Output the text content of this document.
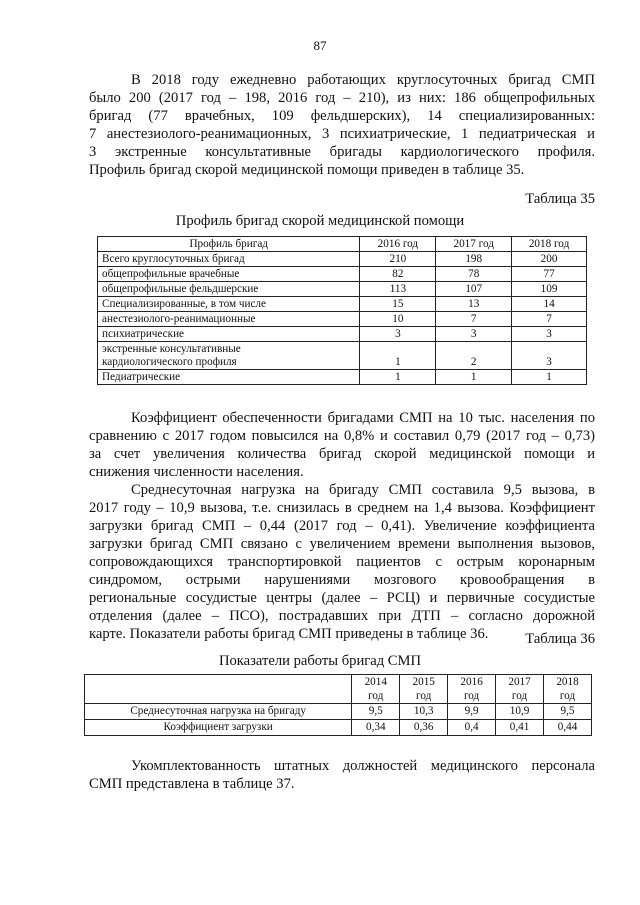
87
В 2018 году ежедневно работающих круглосуточных бригад СМП
было 200 (2017 год – 198, 2016 год – 210), из них: 186 общепрофильных
бригад (77 врачебных, 109 фельдшерских), 14 специализированных:
7 анестезиолого-реанимационных, 3 психиатрические, 1 педиатрическая и
3 экстренные консультативные бригады кардиологического профиля.
Профиль бригад скорой медицинской помощи приведен в таблице 35.
Таблица 35
Профиль бригад скорой медицинской помощи
Профиль бригад	2016 год	2017 год	2018 год
Всего круглосуточных бригад	210	198	200
общепрофильные врачебные	82	78	77
общепрофильные фельдшерские	113	107	109
Специализированные, в том числе	15	13	14
анестезиолого-реанимационные	10	7	7
психиатрические	3	3	3
экстренные консультативные
кардиологического профиля	1	2	3
Педиатрические	1	1	1
Коэффициент обеспеченности бригадами СМП на 10 тыс. населения по
сравнению с 2017 годом повысился на 0,8% и составил 0,79 (2017 год – 0,73)
за счет увеличения количества бригад скорой медицинской помощи и
снижения численности населения.
Среднесуточная нагрузка на бригаду СМП составила 9,5 вызова, в
2017 году – 10,9 вызова, т.е. снизилась в среднем на 1,4 вызова. Коэффициент
загрузки бригад СМП – 0,44 (2017 год – 0,41). Увеличение коэффициента
загрузки бригад СМП связано с увеличением времени выполнения вызовов,
сопровождающихся транспортировкой пациентов с острым коронарным
синдромом, острыми нарушениями мозгового кровообращения в
региональные сосудистые центры (далее – РСЦ) и первичные сосудистые
отделения (далее – ПСО), пострадавших при ДТП – согласно дорожной
карте. Показатели работы бригад СМП приведены в таблице 36.	Таблица 36
Показатели работы бригад СМП
	2014
год	2015
год	2016
год	2017
год	2018
год
Среднесуточная нагрузка на бригаду	9,5	10,3	9,9	10,9	9,5
Коэффициент загрузки	0,34	0,36	0,4	0,41	0,44
Укомплектованность штатных должностей медицинского персонала
СМП представлена в таблице 37.
